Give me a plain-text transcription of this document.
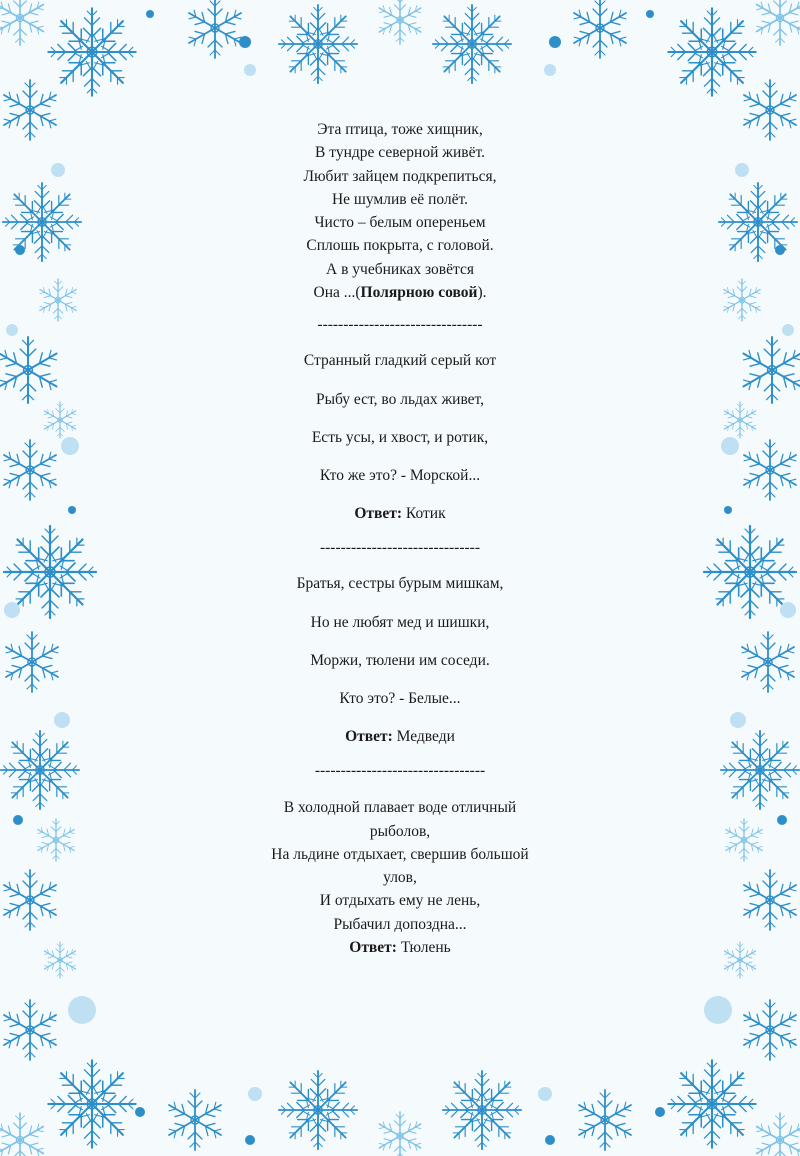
Эта птица, тоже хищник,

В тундре северной живёт.

Любит зайцем подкрепиться,

Не шумлив её полёт.

Чисто – белым опереньем

Сплошь покрыта, с головой.

А в учебниках зовётся

Она ...(Полярною совой).

--------------------------------

Странный гладкий серый кот

Рыбу ест, во льдах живет,

Есть усы, и хвост, и ротик,

Кто же это? - Морской...

Ответ: Котик

-------------------------------

Братья, сестры бурым мишкам,

Но не любят мед и шишки,

Моржи, тюлени им соседи.

Кто это? - Белые...

Ответ: Медведи

---------------------------------

В холодной плавает воде отличный

рыболов,

На льдине отдыхает, свершив большой

улов,

И отдыхать ему не лень,

Рыбачил допоздна...

Ответ: Тюлень
